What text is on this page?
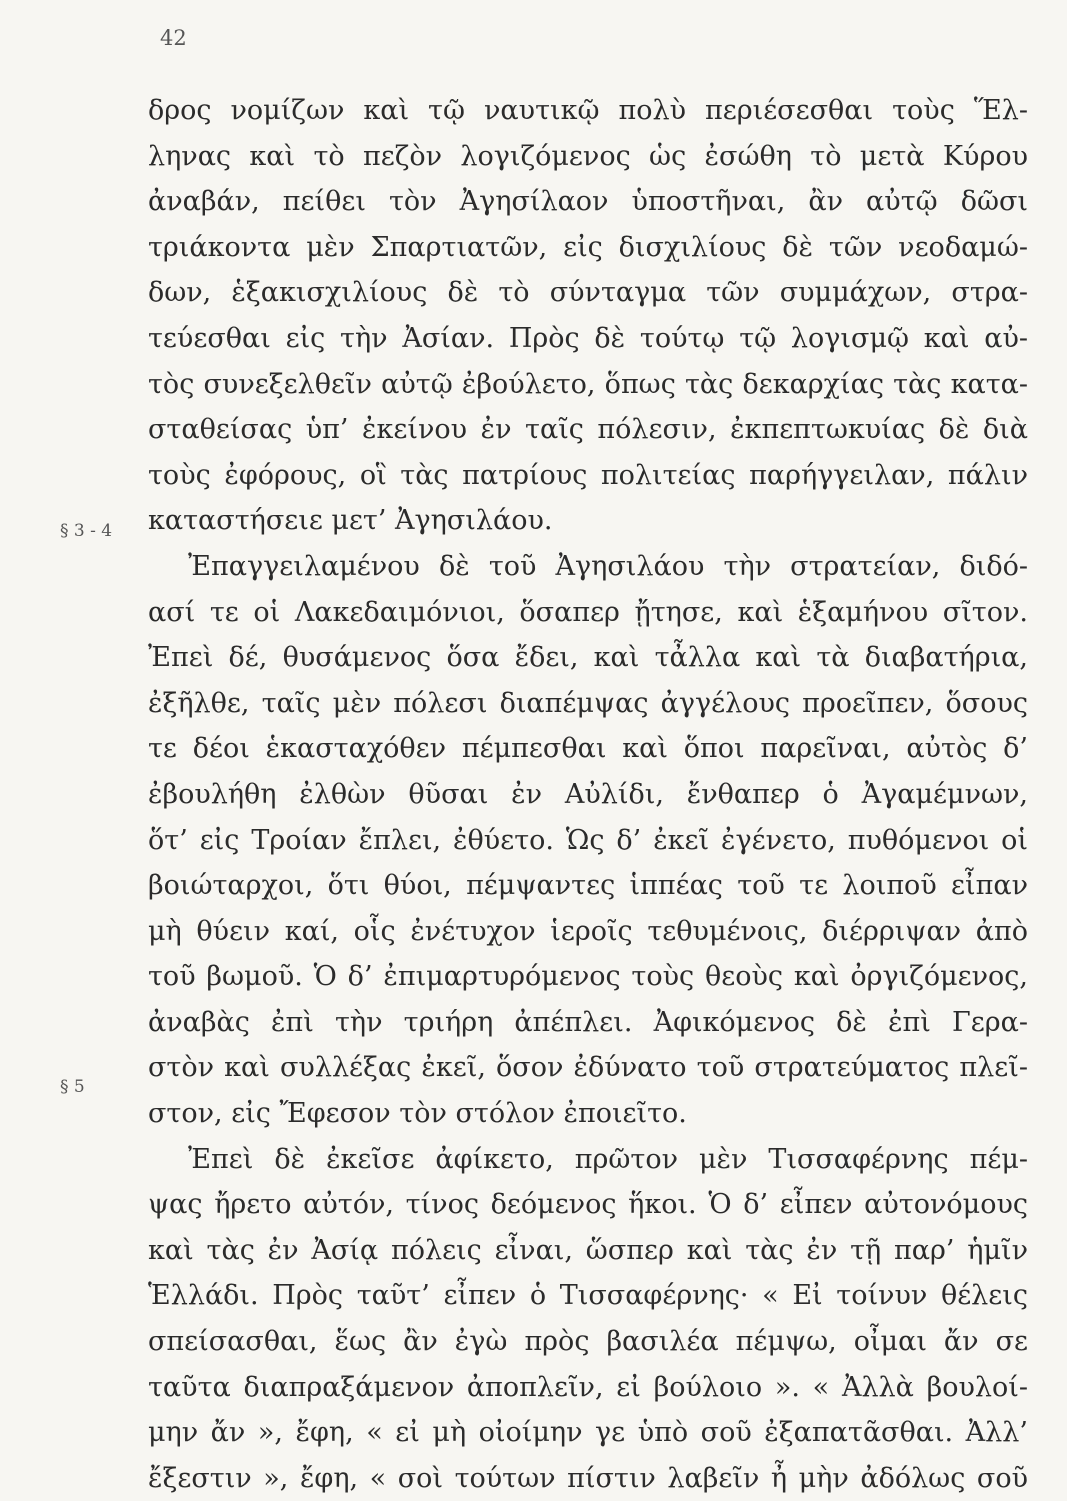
42
§ 3 - 4
§ 5
δρος νομίζων καὶ τῷ ναυτικῷ πολὺ περιέσεσθαι τοὺς Ἕλ-
ληνας καὶ τὸ πεζὸν λογιζόμενος ὡς ἐσώθη τὸ μετὰ Κύρου
ἀναβάν, πείθει τὸν Ἀγησίλαον ὑποστῆναι, ἂν αὐτῷ δῶσι
τριάκοντα μὲν Σπαρτιατῶν, εἰς δισχιλίους δὲ τῶν νεοδαμώ-
δων, ἑξακισχιλίους δὲ τὸ σύνταγμα τῶν συμμάχων, στρα-
τεύεσθαι εἰς τὴν Ἀσίαν. Πρὸς δὲ τούτῳ τῷ λογισμῷ καὶ αὐ-
τὸς συνεξελθεῖν αὐτῷ ἐβούλετο, ὅπως τὰς δεκαρχίας τὰς κατα-
σταθείσας ὑπ’ ἐκείνου ἐν ταῖς πόλεσιν, ἐκπεπτωκυίας δὲ διὰ
τοὺς ἐφόρους, οἳ τὰς πατρίους πολιτείας παρήγγειλαν, πάλιν
καταστήσειε μετ’ Ἀγησιλάου.
Ἐπαγγειλαμένου δὲ τοῦ Ἀγησιλάου τὴν στρατείαν, διδό-
ασί τε οἱ Λακεδαιμόνιοι, ὅσαπερ ᾔτησε, καὶ ἑξαμήνου σῖτον.
Ἐπεὶ δέ, θυσάμενος ὅσα ἔδει, καὶ τἆλλα καὶ τὰ διαβατήρια,
ἐξῆλθε, ταῖς μὲν πόλεσι διαπέμψας ἀγγέλους προεῖπεν, ὅσους
τε δέοι ἑκασταχόθεν πέμπεσθαι καὶ ὅποι παρεῖναι, αὐτὸς δ’
ἐβουλήθη ἐλθὼν θῦσαι ἐν Αὐλίδι, ἔνθαπερ ὁ Ἀγαμέμνων,
ὅτ’ εἰς Τροίαν ἔπλει, ἐθύετο. Ὡς δ’ ἐκεῖ ἐγένετο, πυθόμενοι οἱ
βοιώταρχοι, ὅτι θύοι, πέμψαντες ἱππέας τοῦ τε λοιποῦ εἶπαν
μὴ θύειν καί, οἷς ἐνέτυχον ἱεροῖς τεθυμένοις, διέρριψαν ἀπὸ
τοῦ βωμοῦ. Ὁ δ’ ἐπιμαρτυρόμενος τοὺς θεοὺς καὶ ὀργιζόμενος,
ἀναβὰς ἐπὶ τὴν τριήρη ἀπέπλει. Ἀφικόμενος δὲ ἐπὶ Γερα-
στὸν καὶ συλλέξας ἐκεῖ, ὅσον ἐδύνατο τοῦ στρατεύματος πλεῖ-
στον, εἰς Ἔφεσον τὸν στόλον ἐποιεῖτο.
Ἐπεὶ δὲ ἐκεῖσε ἀφίκετο, πρῶτον μὲν Τισσαφέρνης πέμ-
ψας ἤρετο αὐτόν, τίνος δεόμενος ἥκοι. Ὁ δ’ εἶπεν αὐτονόμους
καὶ τὰς ἐν Ἀσίᾳ πόλεις εἶναι, ὥσπερ καὶ τὰς ἐν τῇ παρ’ ἡμῖν
Ἑλλάδι. Πρὸς ταῦτ’ εἶπεν ὁ Τισσαφέρνης· « Εἰ τοίνυν θέλεις
σπείσασθαι, ἕως ἂν ἐγὼ πρὸς βασιλέα πέμψω, οἶμαι ἄν σε
ταῦτα διαπραξάμενον ἀποπλεῖν, εἰ βούλοιο ». « Ἀλλὰ βουλοί-
μην ἄν », ἔφη, « εἰ μὴ οἰοίμην γε ὑπὸ σοῦ ἐξαπατᾶσθαι. Ἀλλ’
ἔξεστιν », ἔφη, « σοὶ τούτων πίστιν λαβεῖν ἦ μὴν ἀδόλως σοῦ
